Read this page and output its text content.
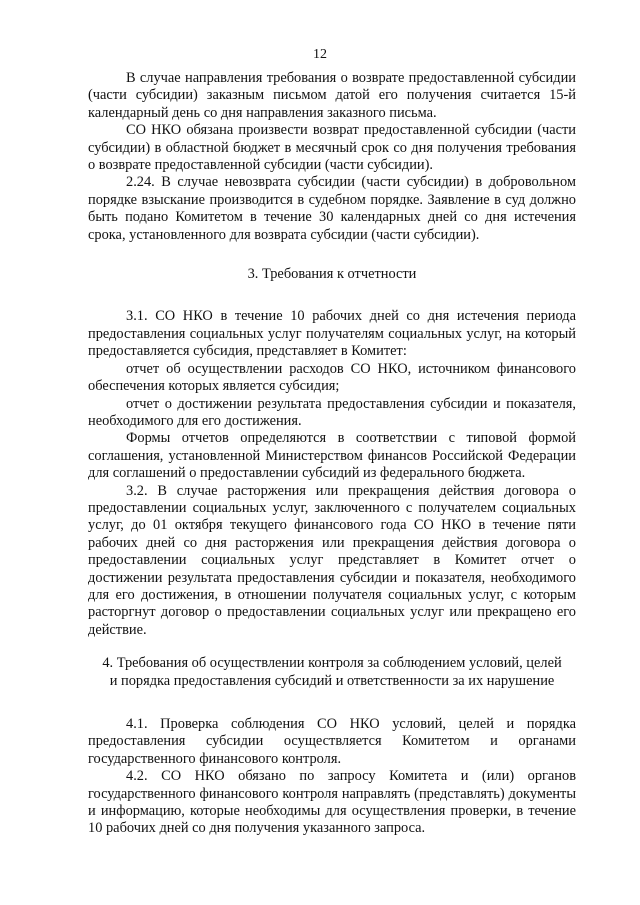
12

В случае направления требования о возврате предоставленной субсидии (части субсидии) заказным письмом датой его получения считается 15-й календарный день со дня направления заказного письма.

СО НКО обязана произвести возврат предоставленной субсидии (части субсидии) в областной бюджет в месячный срок со дня получения требования о возврате предоставленной субсидии (части субсидии).

2.24. В случае невозврата субсидии (части субсидии) в добровольном порядке взыскание производится в судебном порядке. Заявление в суд должно быть подано Комитетом в течение 30 календарных дней со дня истечения срока, установленного для возврата субсидии (части субсидии).

3. Требования к отчетности

3.1. СО НКО в течение 10 рабочих дней со дня истечения периода предоставления социальных услуг получателям социальных услуг, на который предоставляется субсидия, представляет в Комитет:

отчет об осуществлении расходов СО НКО, источником финансового обеспечения которых является субсидия;

отчет о достижении результата предоставления субсидии и показателя, необходимого для его достижения.

Формы отчетов определяются в соответствии с типовой формой соглашения, установленной Министерством финансов Российской Федерации для соглашений о предоставлении субсидий из федерального бюджета.

3.2. В случае расторжения или прекращения действия договора о предоставлении социальных услуг, заключенного с получателем социальных услуг, до 01 октября текущего финансового года СО НКО в течение пяти рабочих дней со дня расторжения или прекращения действия договора о предоставлении социальных услуг представляет в Комитет отчет о достижении результата предоставления субсидии и показателя, необходимого для его достижения, в отношении получателя социальных услуг, с которым расторгнут договор о предоставлении социальных услуг или прекращено его действие.

4. Требования об осуществлении контроля за соблюдением условий, целей
и порядка предоставления субсидий и ответственности за их нарушение

4.1. Проверка соблюдения СО НКО условий, целей и порядка предоставления субсидии осуществляется Комитетом и органами государственного финансового контроля.

4.2. СО НКО обязано по запросу Комитета и (или) органов государственного финансового контроля направлять (представлять) документы и информацию, которые необходимы для осуществления проверки, в течение 10 рабочих дней со дня получения указанного запроса.
